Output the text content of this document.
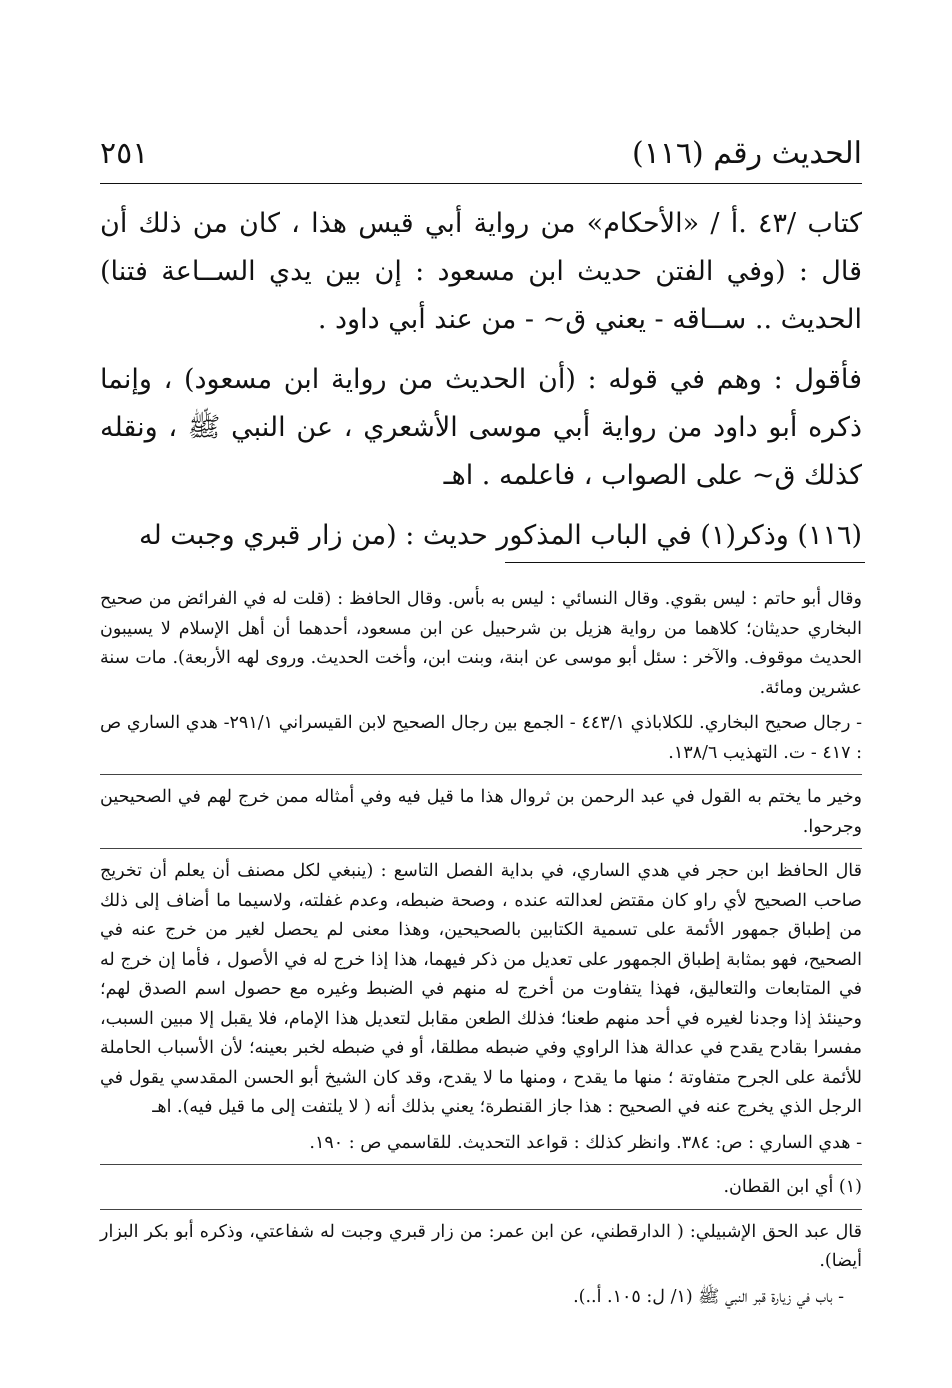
الحديث رقم (١١٦)
٢٥١

كتاب /٤٣ .أ / «الأحكام» من رواية أبي قيس هذا ، كان من ذلك أن قال : (وفي الفتن حديث ابن مسعود : إن بين يدي الســاعة فتنا) الحديث .. ســاقه - يعني ق~ - من عند أبي داود .

فأقول : وهم في قوله : (أن الحديث من رواية ابن مسعود) ، وإنما ذكره أبو داود من رواية أبي موسى الأشعري ، عن النبي ﷺ ، ونقله كذلك ق~ على الصواب ، فاعلمه . اهـ

(١١٦) وذكر(١) في الباب المذكور حديث : (من زار قبري وجبت له

وقال أبو حاتم : ليس بقوي. وقال النسائي : ليس به بأس. وقال الحافظ : (قلت له في الفرائض من صحيح البخاري حديثان؛ كلاهما من رواية هزيل بن شرحبيل عن ابن مسعود، أحدهما أن أهل الإسلام لا يسيبون الحديث موقوف. والآخر : سئل أبو موسى عن ابنة، وبنت ابن، وأخت الحديث. وروى لهه الأربعة). مات سنة عشرين ومائة.

- رجال صحيح البخاري. للكلاباذي ٤٤٣/١ - الجمع بين رجال الصحيح لابن القيسراني ٢٩١/١- هدي الساري ص : ٤١٧ - ت. التهذيب ١٣٨/٦.

وخير ما يختم به القول في عبد الرحمن بن ثروال هذا ما قيل فيه وفي أمثاله ممن خرج لهم في الصحيحين وجرحوا.

قال الحافظ ابن حجر في هدي الساري، في بداية الفصل التاسع : (ينبغي لكل مصنف أن يعلم أن تخريج صاحب الصحيح لأي راو كان مقتض لعدالته عنده ، وصحة ضبطه، وعدم غفلته، ولاسيما ما أضاف إلى ذلك من إطباق جمهور الأئمة على تسمية الكتابين بالصحيحين، وهذا معنى لم يحصل لغير من خرج عنه في الصحيح، فهو بمثابة إطباق الجمهور على تعديل من ذكر فيهما، هذا إذا خرج له في الأصول ، فأما إن خرج له في المتابعات والتعاليق، فهذا يتفاوت من أخرج له منهم في الضبط وغيره مع حصول اسم الصدق لهم؛ وحينئذ إذا وجدنا لغيره في أحد منهم طعنا؛ فذلك الطعن مقابل لتعديل هذا الإمام، فلا يقبل إلا مبين السبب، مفسرا بقادح يقدح في عدالة هذا الراوي وفي ضبطه مطلقا، أو في ضبطه لخبر بعينه؛ لأن الأسباب الحاملة للأئمة على الجرح متفاوتة ؛ منها ما يقدح ، ومنها ما لا يقدح، وقد كان الشيخ أبو الحسن المقدسي يقول في الرجل الذي يخرج عنه في الصحيح : هذا جاز القنطرة؛ يعني بذلك أنه ( لا يلتفت إلى ما قيل فيه). اهـ

- هدي الساري : ص: ٣٨٤. وانظر كذلك : قواعد التحديث. للقاسمي ص : ١٩٠.

(١) أي ابن القطان.

قال عبد الحق الإشبيلي: ( الدارقطني، عن ابن عمر: من زار قبري وجبت له شفاعتي، وذكره أبو بكر البزار أيضا).

- باب في زيارة قبر النبي ﷺ (١/ ل: ١٠٥. أ..).
